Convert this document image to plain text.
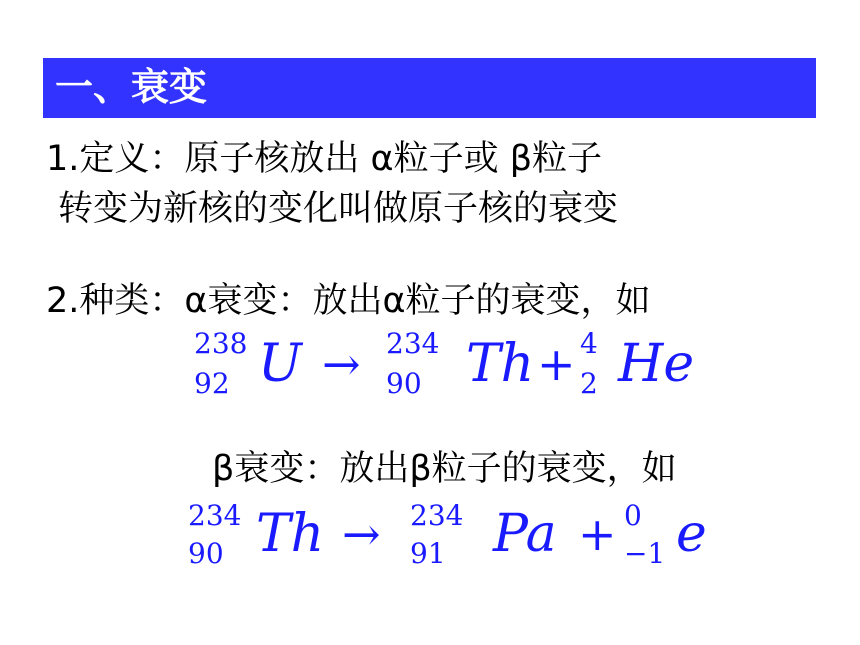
一、衰变
1.定义：原子核放出 α粒子或 β粒子
转变为新核的变化叫做原子核的衰变
2.种类：α衰变：放出α粒子的衰变，如
238
92 U → 234
90 Th + 4
2 He
β衰变：放出β粒子的衰变，如
234
90 Th → 234
91 Pa + 0
−1 e
